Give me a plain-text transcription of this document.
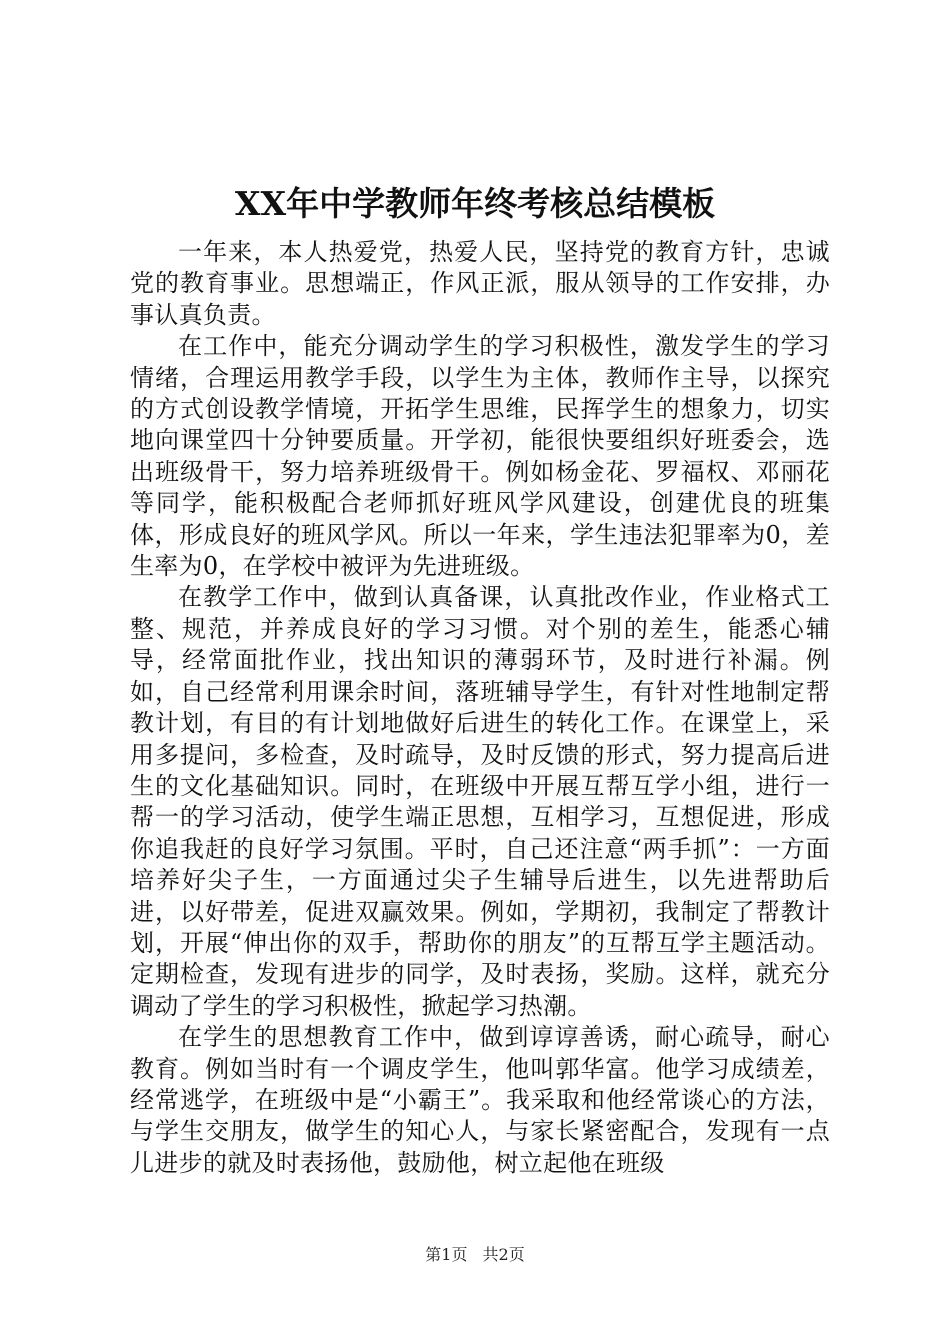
XX年中学教师年终考核总结模板

一年来，本人热爱党，热爱人民，坚持党的教育方针，忠诚党的教育事业。思想端正，作风正派，服从领导的工作安排，办事认真负责。

在工作中，能充分调动学生的学习积极性，激发学生的学习情绪，合理运用教学手段，以学生为主体，教师作主导，以探究的方式创设教学情境，开拓学生思维，民挥学生的想象力，切实地向课堂四十分钟要质量。开学初，能很快要组织好班委会，选出班级骨干，努力培养班级骨干。例如杨金花、罗福权、邓丽花等同学，能积极配合老师抓好班风学风建设，创建优良的班集体，形成良好的班风学风。所以一年来，学生违法犯罪率为0，差生率为0，在学校中被评为先进班级。

在教学工作中，做到认真备课，认真批改作业，作业格式工整、规范，并养成良好的学习习惯。对个别的差生，能悉心辅导，经常面批作业，找出知识的薄弱环节，及时进行补漏。例如，自己经常利用课余时间，落班辅导学生，有针对性地制定帮教计划，有目的有计划地做好后进生的转化工作。在课堂上，采用多提问，多检查，及时疏导，及时反馈的形式，努力提高后进生的文化基础知识。同时，在班级中开展互帮互学小组，进行一帮一的学习活动，使学生端正思想，互相学习，互想促进，形成你追我赶的良好学习氛围。平时，自己还注意“两手抓”：一方面培养好尖子生，一方面通过尖子生辅导后进生，以先进帮助后进，以好带差，促进双赢效果。例如，学期初，我制定了帮教计划，开展“伸出你的双手，帮助你的朋友”的互帮互学主题活动。定期检查，发现有进步的同学，及时表扬，奖励。这样，就充分调动了学生的学习积极性，掀起学习热潮。

在学生的思想教育工作中，做到谆谆善诱，耐心疏导，耐心教育。例如当时有一个调皮学生，他叫郭华富。他学习成绩差，经常逃学，在班级中是“小霸王”。我采取和他经常谈心的方法，与学生交朋友，做学生的知心人，与家长紧密配合，发现有一点儿进步的就及时表扬他，鼓励他，树立起他在班级

第1页 共2页
